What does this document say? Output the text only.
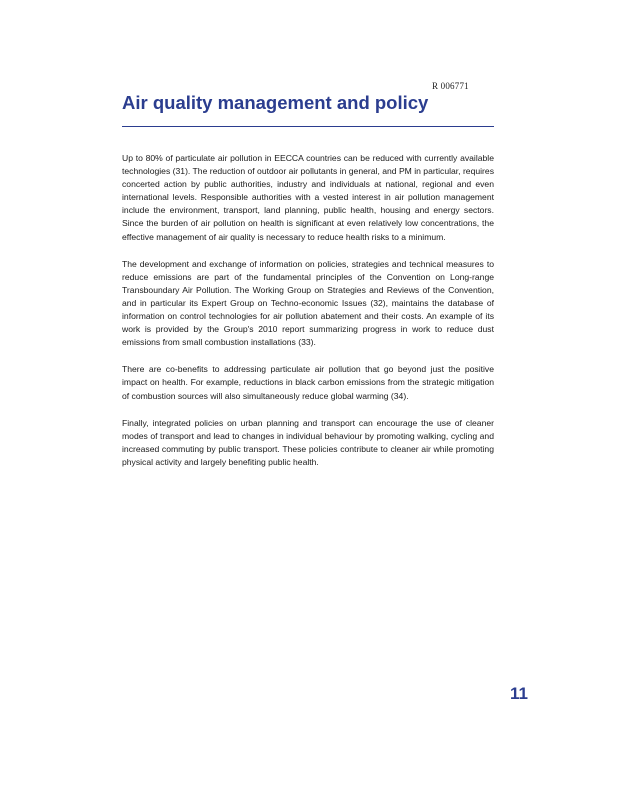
R 006771
Air quality management and policy

Up to 80% of particulate air pollution in EECCA countries can be reduced with currently available technologies (31). The reduction of outdoor air pollutants in general, and PM in particular, requires concerted action by public authorities, industry and individuals at national, regional and even international levels. Responsible authorities with a vested interest in air pollution management include the environment, transport, land planning, public health, housing and energy sectors. Since the burden of air pollution on health is significant at even relatively low concentrations, the effective management of air quality is necessary to reduce health risks to a minimum.

The development and exchange of information on policies, strategies and technical measures to reduce emissions are part of the fundamental principles of the Convention on Long-range Transboundary Air Pollution. The Working Group on Strategies and Reviews of the Convention, and in particular its Expert Group on Techno-economic Issues (32), maintains the database of information on control technologies for air pollution abatement and their costs. An example of its work is provided by the Group's 2010 report summarizing progress in work to reduce dust emissions from small combustion installations (33).

There are co-benefits to addressing particulate air pollution that go beyond just the positive impact on health. For example, reductions in black carbon emissions from the strategic mitigation of combustion sources will also simultaneously reduce global warming (34).

Finally, integrated policies on urban planning and transport can encourage the use of cleaner modes of transport and lead to changes in individual behaviour by promoting walking, cycling and increased commuting by public transport. These policies contribute to cleaner air while promoting physical activity and largely benefiting public health.

11
